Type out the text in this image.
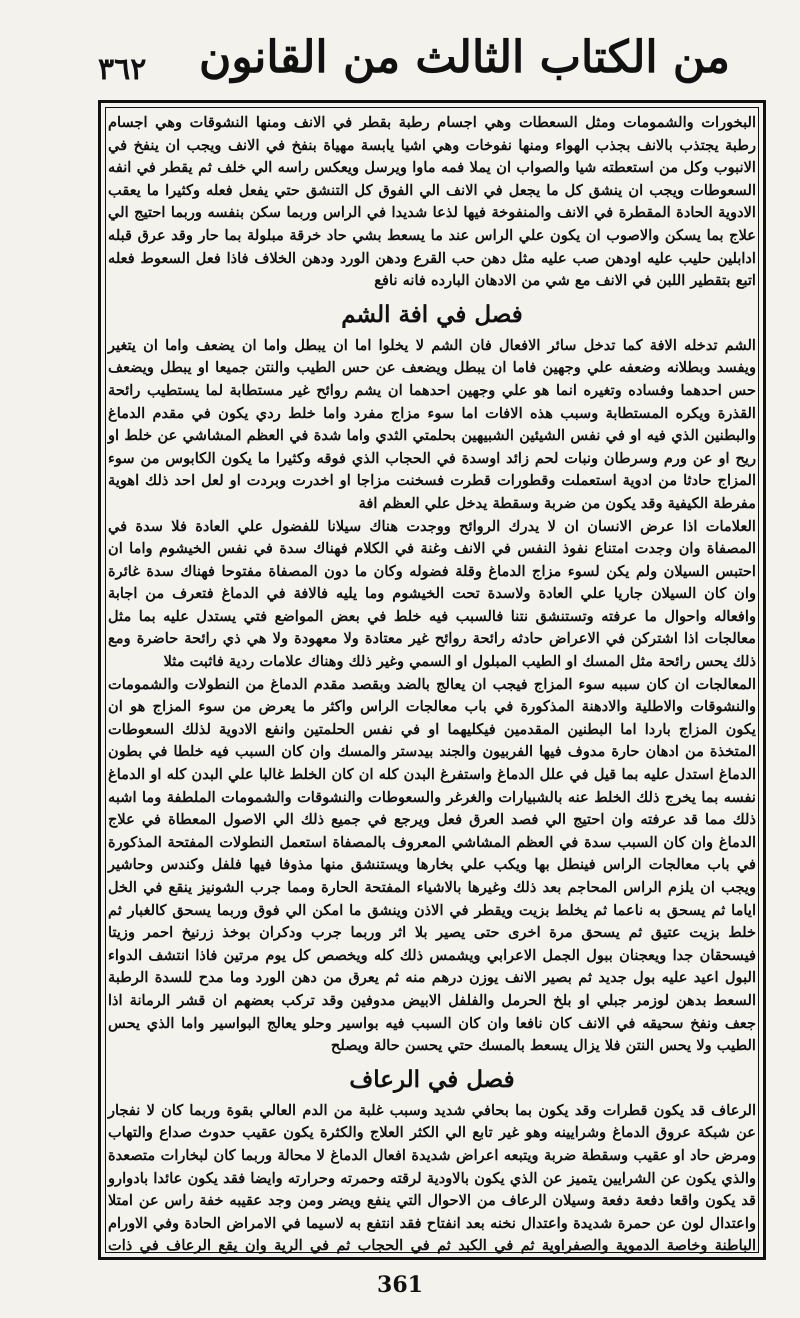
٣٦٢ من الكتاب الثالث من القانون

البخورات والشمومات ومثل السعطات وهي اجسام رطبة بقطر في الانف ومنها النشوقات وهي اجسام رطبة يجتذب بالانف بجذب الهواء ومنها نفوخات وهي اشيا يابسة مهياة بنفخ في الانف ويجب ان ينفخ في الانبوب وكل من استعطته شيا والصواب ان يملا فمه ماوا ويرسل ويعكس راسه الي خلف ثم يقطر في انفه السعوطات ويجب ان ينشق كل ما يجعل في الانف الي الفوق كل التنشق حتي يفعل فعله وكثيرا ما يعقب الادوية الحادة المقطرة في الانف والمنفوخة فيها لذعا شديدا في الراس وربما سكن بنفسه وربما احتيج الي علاج بما يسكن والاصوب ان يكون علي الراس عند ما يسعط بشي حاد خرقة مبلولة بما حار وقد عرق قبله ادابلين حليب عليه اودهن صب عليه مثل دهن حب القرع ودهن الورد ودهن الخلاف فاذا فعل السعوط فعله اتبع بتقطير اللبن في الانف مع شي من الادهان البارده فانه نافع

فصل في افة الشم

الشم تدخله الافة كما تدخل سائر الافعال فان الشم لا يخلوا اما ان يبطل واما ان يضعف واما ان يتغير ويفسد وبطلانه وضعفه علي وجهين فاما ان يبطل ويضعف عن حس الطيب والنتن جميعا او يبطل ويضعف حس احدهما وفساده وتغيره انما هو علي وجهين احدهما ان يشم روائح غير مستطابة لما يستطيب رائحة القذرة ويكره المستطابة وسبب هذه الافات اما سوء مزاج مفرد واما خلط ردي يكون في مقدم الدماغ والبطنين الذي فيه او في نفس الشيئين الشبيهين بحلمتي الثدي واما شدة في العظم المشاشي عن خلط او ريح او عن ورم وسرطان ونبات لحم زائد اوسدة في الحجاب الذي فوقه وكثيرا ما يكون الكابوس من سوء المزاج حادثا من ادوية استعملت وقطورات قطرت فسخنت مزاجا او اخدرت وبردت او لعل احد ذلك اهوية مفرطة الكيفية وقد يكون من ضربة وسقطة يدخل علي العظم افة

العلامات اذا عرض الانسان ان لا يدرك الروائح ووجدت هناك سيلانا للفضول علي العادة فلا سدة في المصفاة وان وجدت امتناع نفوذ النفس في الانف وغنة في الكلام فهناك سدة في نفس الخيشوم واما ان احتبس السيلان ولم يكن لسوء مزاج الدماغ وقلة فضوله وكان ما دون المصفاة مفتوحا فهناك سدة غائرة وان كان السيلان جاريا علي العادة ولاسدة تحت الخيشوم وما يليه فالافة في الدماغ فتعرف من اجابة وافعاله واحوال ما عرفته وتستنشق نتنا فالسبب فيه خلط في بعض المواضع فتي يستدل عليه بما مثل معالجات اذا اشتركن في الاعراض حادثه رائحة روائح غير معتادة ولا معهودة ولا هي ذي رائحة حاضرة ومع ذلك يحس رائحة مثل المسك او الطيب المبلول او السمي وغير ذلك وهناك علامات ردية فاثبت مثلا

المعالجات ان كان سببه سوء المزاج فيجب ان يعالج بالضد وبقصد مقدم الدماغ من النطولات والشمومات والنشوقات والاطلية والادهنة المذكورة في باب معالجات الراس واكثر ما يعرض من سوء المزاج هو ان يكون المزاج باردا اما البطنين المقدمين فيكليهما او في نفس الحلمتين وانفع الادوية لذلك السعوطات المتخذة من ادهان حارة مدوف فيها الفربيون والجند بيدستر والمسك وان كان السبب فيه خلطا في بطون الدماغ استدل عليه بما قيل في علل الدماغ واستفرغ البدن كله ان كان الخلط غالبا علي البدن كله او الدماغ نفسه بما يخرج ذلك الخلط عنه بالشبيارات والغرغر والسعوطات والنشوقات والشمومات الملطفة وما اشبه ذلك مما قد عرفته وان احتيج الي فصد العرق فعل ويرجع في جميع ذلك الي الاصول المعطاة في علاج الدماغ وان كان السبب سدة في العظم المشاشي المعروف بالمصفاة استعمل النطولات المفتحة المذكورة في باب معالجات الراس فينطل بها ويكب علي بخارها ويستنشق منها مذوفا فيها فلفل وكندس وحاشير ويجب ان يلزم الراس المحاجم بعد ذلك وغيرها بالاشياء المفتحة الحارة ومما جرب الشونيز ينقع في الخل اياما ثم يسحق به ناعما ثم يخلط بزيت ويقطر في الاذن وينشق ما امكن الي فوق وربما يسحق كالغبار ثم خلط بزيت عتيق ثم يسحق مرة اخرى حتى يصير بلا اثر وربما جرب ودكران بوخذ زرنيخ احمر وزيتا فيسحقان جدا ويعجنان ببول الجمل الاعرابي ويشمس ذلك كله ويخصص كل يوم مرتين فاذا انتشف الدواء البول اعيد عليه بول جديد ثم بصير الانف يوزن درهم منه ثم يعرق من دهن الورد وما مدح للسدة الرطبة السعط بدهن لوزمر جبلي او بلخ الحرمل والفلفل الابيض مدوفين وقد تركب بعضهم ان قشر الرمانة اذا جعف ونفخ سحيقه في الانف كان نافعا وان كان السبب فيه بواسير وحلو يعالج البواسير واما الذي يحس الطيب ولا يحس النتن فلا يزال يسعط بالمسك حتي يحسن حالة ويصلح

فصل في الرعاف

الرعاف قد يكون قطرات وقد يكون بما بحافي شديد وسبب غلبة من الدم العالي بقوة وربما كان لا نفجار عن شبكة عروق الدماغ وشرايينه وهو غير تابع الي الكثر العلاج والكثرة يكون عقيب حدوث صداع والتهاب ومرض حاد او عقيب وسقطة ضربة ويتبعه اعراض شديدة افعال الدماغ لا محالة وربما كان لبخارات متصعدة والذي يكون عن الشرايين يتميز عن الذي يكون بالاودية لرقته وحمرته وحرارته وايضا فقد يكون عائدا بادوارو قد يكون واقعا دفعة دفعة وسيلان الرعاف من الاحوال التي ينفع ويضر ومن وجد عقيبه خفة راس عن امتلا واعتدال لون عن حمرة شديدة واعتدال نخنه بعد انفتاح فقد انتفع به لاسيما في الامراض الحادة وفي الاورام الباطنة وخاصة الدموية والصفراوية ثم في الكبد ثم في الحجاب ثم في الرية وان يقع الرعاف في ذات

361
